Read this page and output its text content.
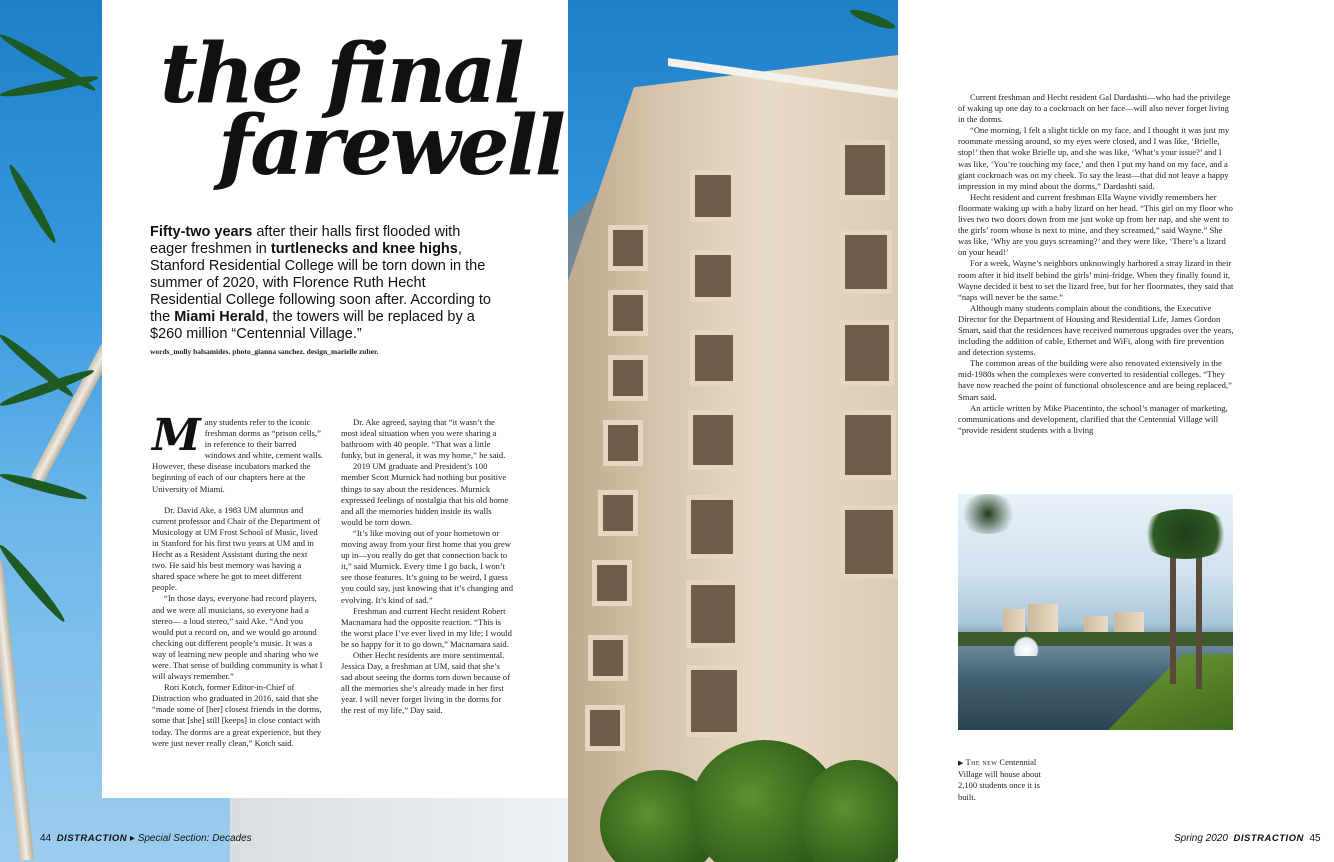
the final
farewell
Fifty-two years after their halls first flooded with eager freshmen in turtlenecks and knee highs, Stanford Residential College will be torn down in the summer of 2020, with Florence Ruth Hecht Residential College following soon after. According to the Miami Herald, the towers will be replaced by a $260 million “Centennial Village.”
words_molly balsamides. photo_gianna sanchez. design_marielle zuber.

Many students refer to the iconic freshman dorms as “prison cells,” in reference to their barred windows and white, cement walls. However, these disease incubators marked the beginning of each of our chapters here at the University of Miami.

Dr. David Ake, a 1983 UM alumnus and current professor and Chair of the Department of Musicology at UM Frost School of Music, lived in Stanford for his first two years at UM and in Hecht as a Resident Assistant during the next two. He said his best memory was having a shared space where he got to meet different people.

“In those days, everyone had record players, and we were all musicians, so everyone had a stereo— a loud stereo,” said Ake. “And you would put a record on, and we would go around checking out different people’s music. It was a way of learning new people and sharing who we were. That sense of building community is what I will always remember.”

Rori Kotch, former Editor-in-Chief of Distraction who graduated in 2016, said that she “made some of [her] closest friends in the dorms, some that [she] still [keeps] in close contact with today. The dorms are a great experience, but they were just never really clean,” Kotch said.

Dr. Ake agreed, saying that “it wasn’t the most ideal situation when you were sharing a bathroom with 40 people. “That was a little funky, but in general, it was my home,” he said.

2019 UM graduate and President’s 100 member Scott Murnick had nothing but positive things to say about the residences. Murnick expressed feelings of nostalgia that his old home and all the memories hidden inside its walls would be torn down.

“It’s like moving out of your hometown or moving away from your first home that you grew up in—you really do get that connection back to it,” said Murnick. Every time I go back, I won’t see those features. It’s going to be weird, I guess you could say, just knowing that it’s changing and evolving. It’s kind of sad.”

Freshman and current Hecht resident Robert Macnamara had the opposite reaction. “This is the worst place I’ve ever lived in my life; I would be so happy for it to go down,” Macnamara said.

Other Hecht residents are more sentimental. Jessica Day, a freshman at UM, said that she’s sad about seeing the dorms torn down because of all the memories she’s already made in her first year. I will never forget living in the dorms for the rest of my life,” Day said.

Current freshman and Hecht resident Gal Dardashti—who had the privilege of waking up one day to a cockroach on her face—will also never forget living in the dorms.

“One morning, I felt a slight tickle on my face, and I thought it was just my roommate messing around, so my eyes were closed, and I was like, ‘Brielle, stop!’ then that woke Brielle up, and she was like, ‘What’s your issue?’ and I was like, ‘You’re touching my face,’ and then I put my hand on my face, and a giant cockroach was on my cheek. To say the least—that did not leave a happy impression in my mind about the dorms,” Dardashti said.

Hecht resident and current freshman Ella Wayne vividly remembers her floormate waking up with a baby lizard on her head. “This girl on my floor who lives two two doors down from me just woke up from her nap, and she went to the girls’ room whose is next to mine, and they screamed,” said Wayne.” She was like, ‘Why are you guys screaming?’ and they were like, ‘There’s a lizard on your head!’

For a week, Wayne’s neighbors unknowingly harbored a stray lizard in their room after it hid itself behind the girls’ mini-fridge. When they finally found it, Wayne decided it best to set the lizard free, but for her floormates, they said that “naps will never be the same.”

Although many students complain about the conditions, the Executive Director for the Department of Housing and Residential Life, James Gordon Smart, said that the residences have received numerous upgrades over the years, including the addition of cable, Ethernet and WiFi, along with fire prevention and detection systems.

The common areas of the building were also renovated extensively in the mid-1980s when the complexes were converted to residential colleges. “They have now reached the point of functional obsolescence and are being replaced,” Smart said.

An article written by Mike Piacentinto, the school’s manager of marketing, communications and development, clarified that the Centennial Village will “provide resident students with a living

▶ The new Centennial Village will house about 2,100 students once it is built.
44 DISTRACTION ▸ Special Section: Decades	Spring 2020 DISTRACTION 45
